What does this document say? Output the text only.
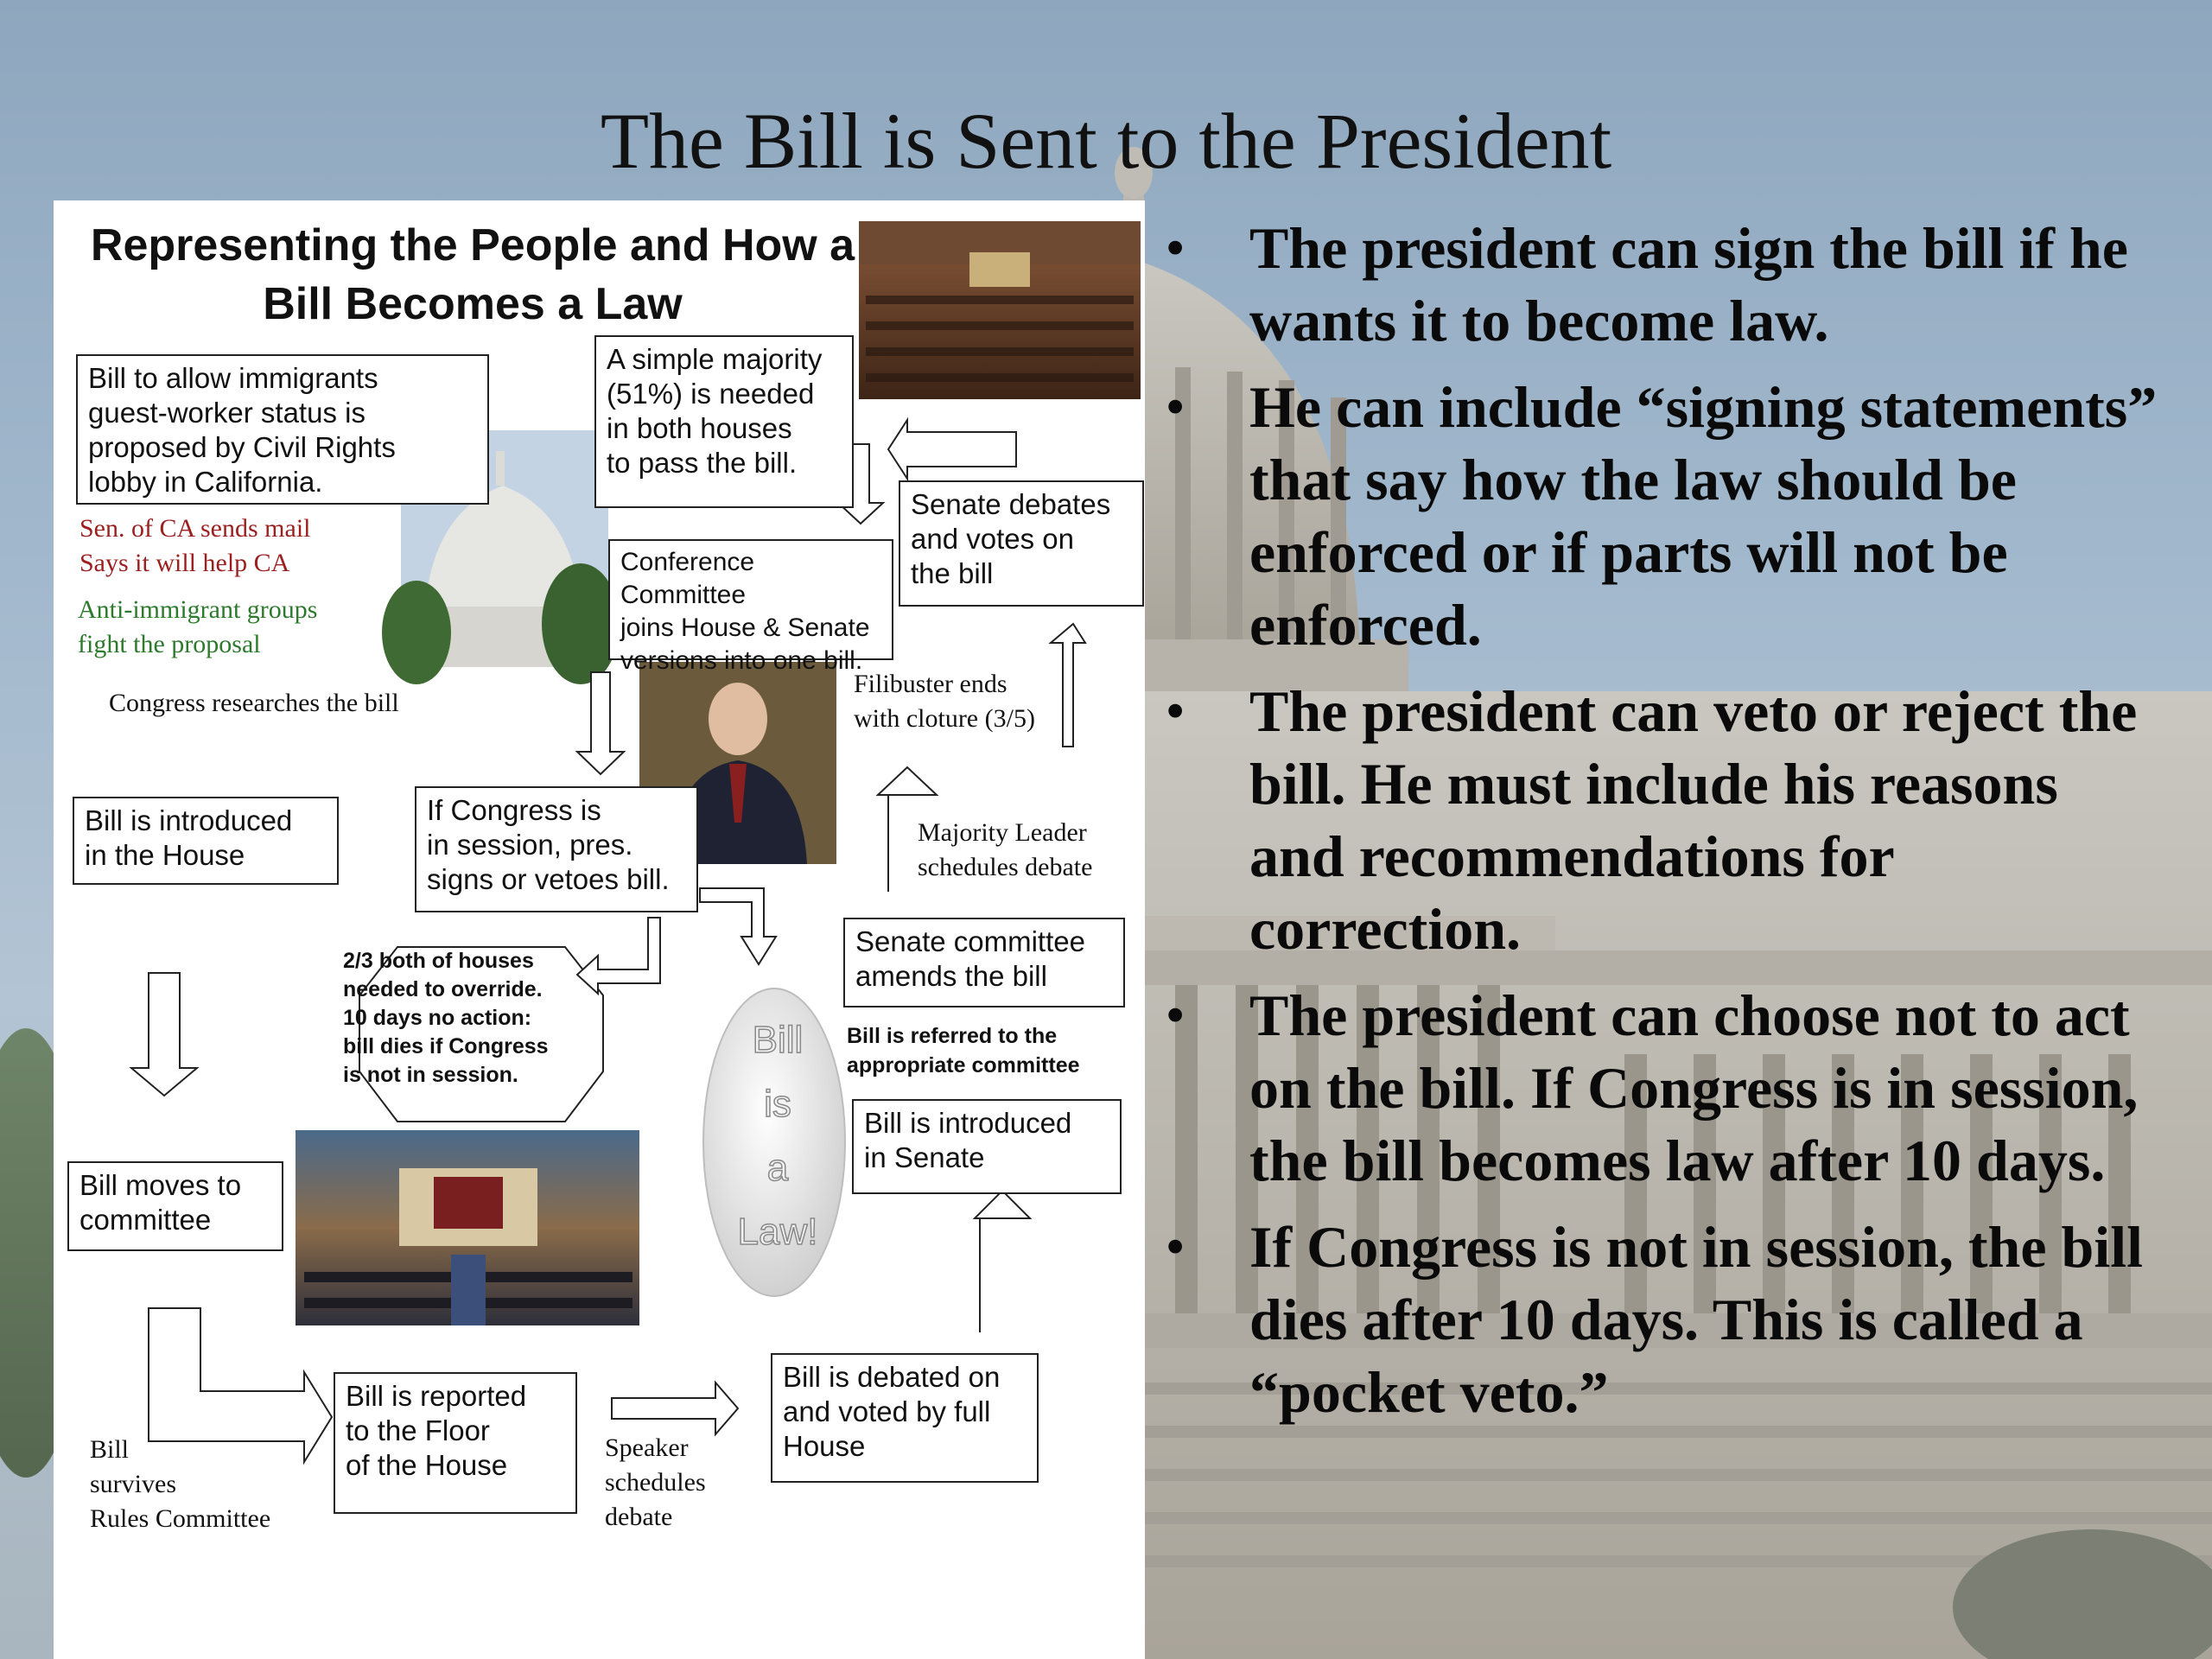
The Bill is Sent to the President
• The president can sign the bill if he wants it to become law.
• He can include “signing statements” that say how the law should be enforced or if parts will not be enforced.
• The president can veto or reject the bill. He must include his reasons and recommendations for correction.
• The president can choose not to act on the bill. If Congress is in session, the bill becomes law after 10 days.
• If Congress is not in session, the bill dies after 10 days. This is called a “pocket veto.”
Representing the People and How a Bill Becomes a Law
Bill to allow immigrants
guest-worker status is
proposed by Civil Rights
lobby in California.
A simple majority
(51%) is needed
in both houses
to pass the bill.
Senate debates
and votes on
the bill
Conference Committee
joins House & Senate
versions into one bill.
Bill is introduced
in the House
If Congress is
in session, pres.
signs or vetoes bill.
Senate committee
amends the bill
Bill is introduced
in Senate
Bill moves to
committee
Bill is reported
to the Floor
of the House
Bill is debated on
and voted by full
House
Sen. of CA sends mail
Says it will help CA
Anti-immigrant groups
fight the proposal
Congress researches the bill
Filibuster ends
with cloture (3/5)
Majority Leader
schedules debate
Bill is referred to the
appropriate committee
Bill
survives
Rules Committee
Speaker
schedules
debate
2/3 both of houses
needed to override.
10 days no action:
bill dies if Congress
is not in session.
Bill
is
a
Law!
